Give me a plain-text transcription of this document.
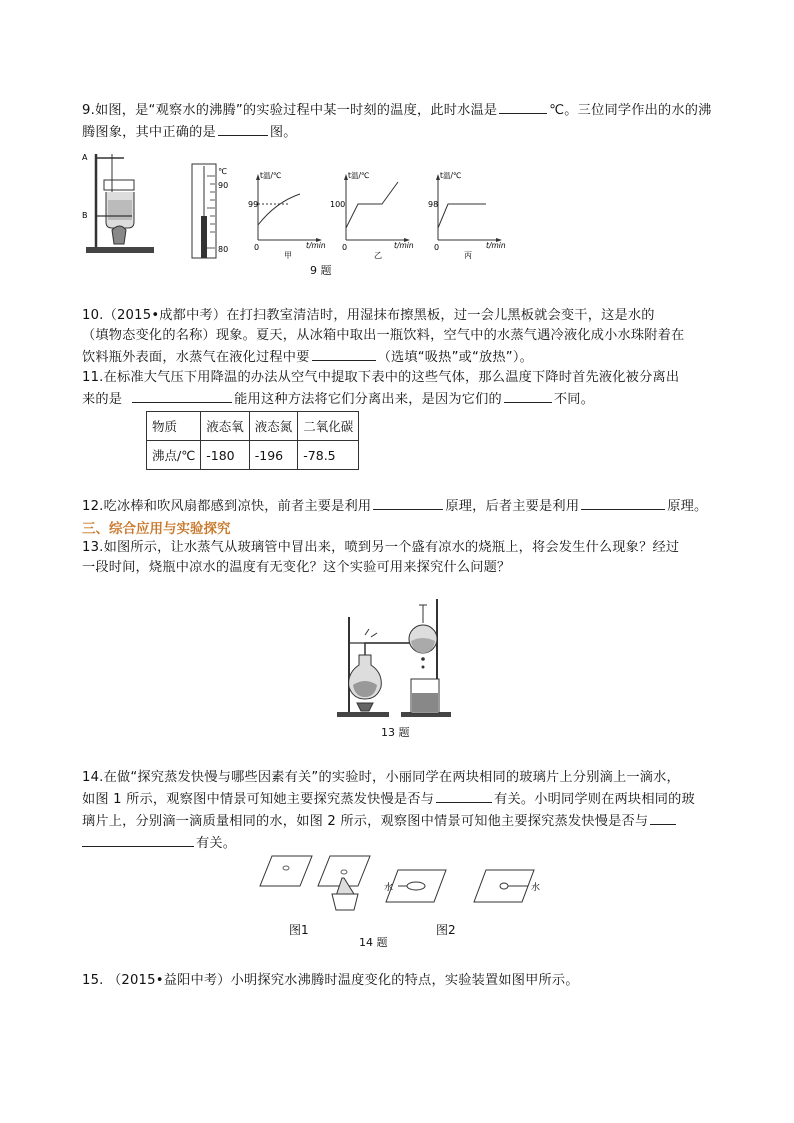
9.如图，是“观察水的沸腾”的实验过程中某一时刻的温度，此时水温是	℃。三位同学作出的水的沸腾图象，其中正确的是	图。
A
B
℃
90
80
t温/℃
99
0	t/min
甲
t温/℃
100
0	t/min
乙
t温/℃
98
0	t/min
丙
9 题
10.（2015•成都中考）在打扫教室清洁时，用湿抹布擦黑板，过一会儿黑板就会变干，这是水的
（填物态变化的名称）现象。夏天，从冰箱中取出一瓶饮料，空气中的水蒸气遇冷液化成小水珠附着在
饮料瓶外表面，水蒸气在液化过程中要	（选填“吸热”或“放热”）。
11.在标准大气压下用降温的办法从空气中提取下表中的这些气体，那么温度下降时首先液化被分离出
来的是	能用这种方法将它们分离出来，是因为它们的	不同。
物质	液态氧	液态氮	二氧化碳
沸点/℃	-180	-196	-78.5
12.吃冰棒和吹风扇都感到凉快，前者主要是利用	原理，后者主要是利用	原理。
三、综合应用与实验探究
13.如图所示，让水蒸气从玻璃管中冒出来，喷到另一个盛有凉水的烧瓶上，将会发生什么现象？经过
一段时间，烧瓶中凉水的温度有无变化？这个实验可用来探究什么问题？
13 题
14.在做“探究蒸发快慢与哪些因素有关”的实验时，小丽同学在两块相同的玻璃片上分别滴上一滴水，
如图 1 所示，观察图中情景可知她主要探究蒸发快慢是否与	有关。小明同学则在两块相同的玻
璃片上，分别滴一滴质量相同的水，如图 2 所示，观察图中情景可知他主要探究蒸发快慢是否与
有关。
水	水
图1	图2
14 题
15. （2015•益阳中考）小明探究水沸腾时温度变化的特点，实验装置如图甲所示。
